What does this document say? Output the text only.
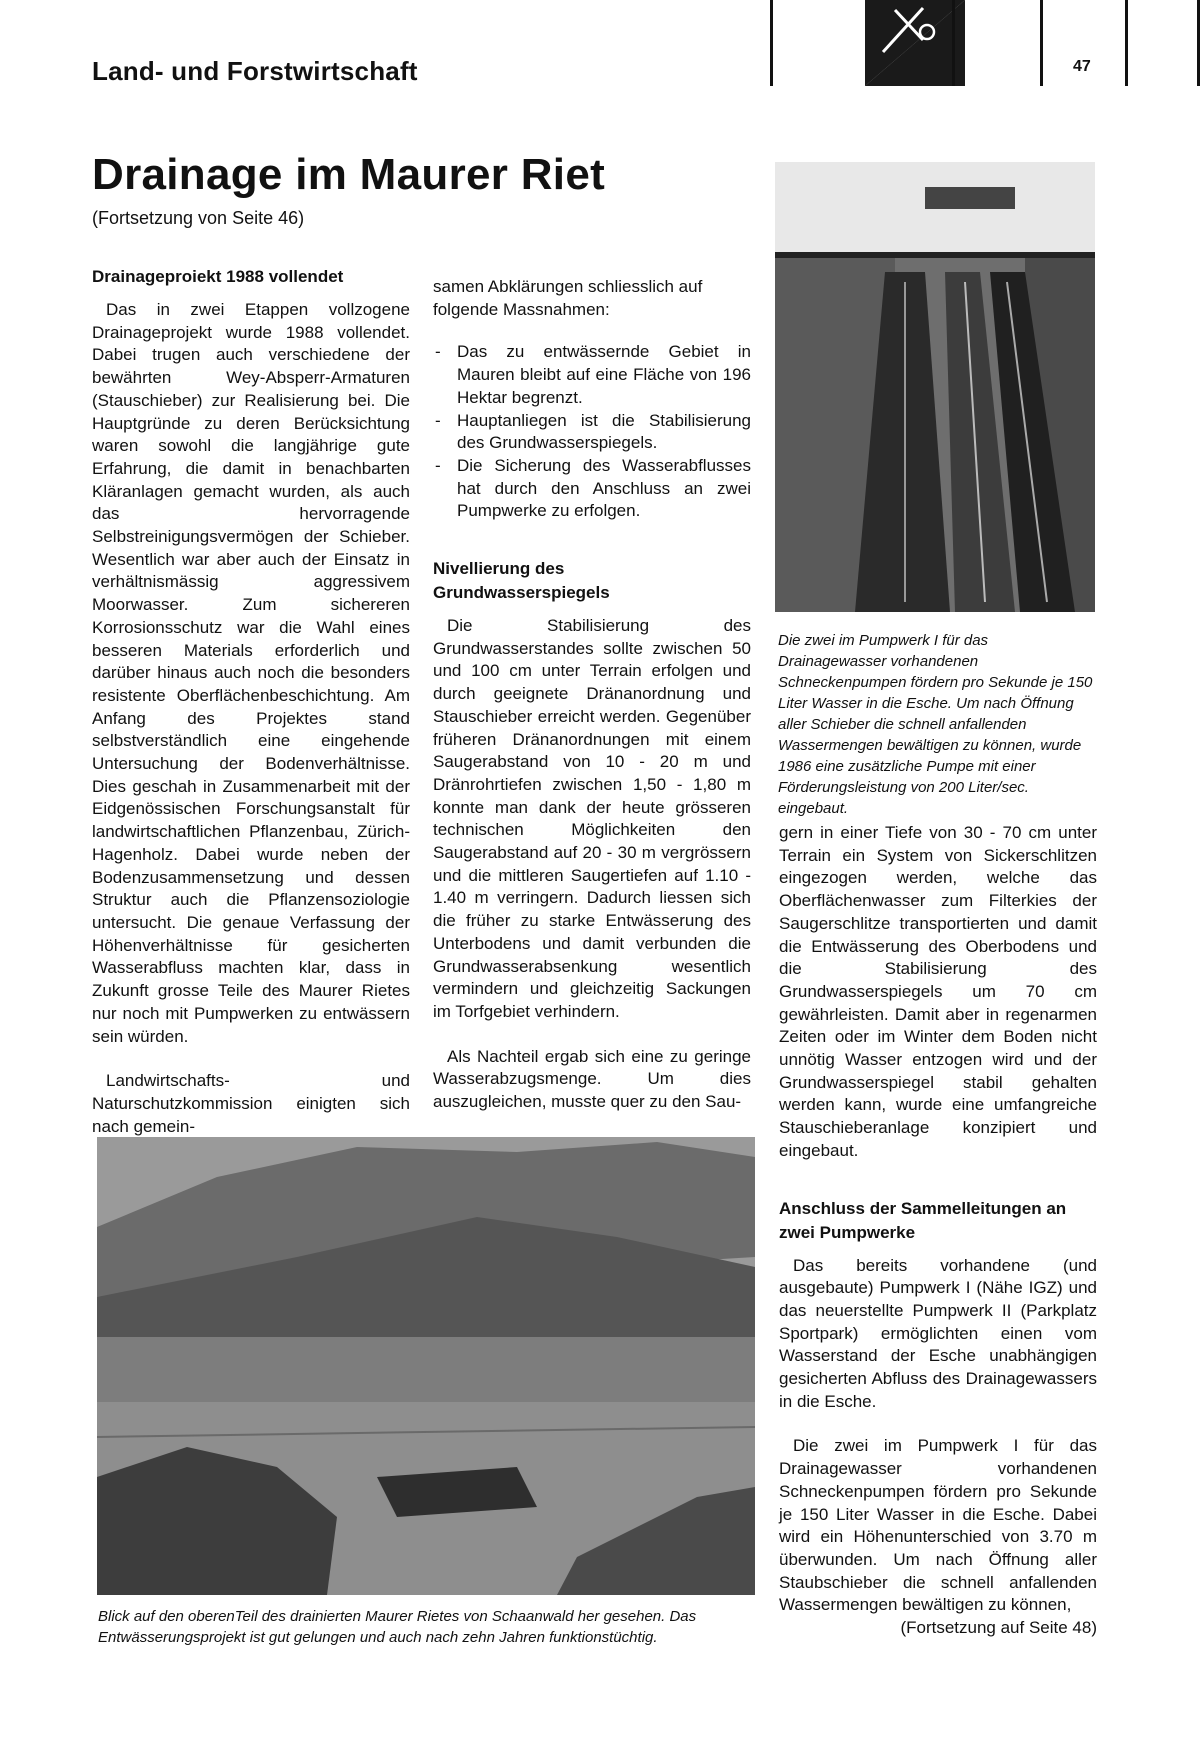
Land- und Forstwirtschaft	47
Drainage im Maurer Riet
(Fortsetzung von Seite 46)
Drainageproiekt 1988 vollendet

Das in zwei Etappen vollzogene Drainageprojekt wurde 1988 vollendet. Dabei trugen auch verschiedene der bewährten Wey-Absperr-Armaturen (Stauschieber) zur Realisierung bei. Die Hauptgründe zu deren Berücksichtung waren sowohl die langjährige gute Erfahrung, die damit in benachbarten Kläranlagen gemacht wurden, als auch das hervorragende Selbstreinigungsvermögen der Schieber. Wesentlich war aber auch der Einsatz in verhältnismässig aggressivem Moorwasser. Zum sichereren Korrosionsschutz war die Wahl eines besseren Materials erforderlich und darüber hinaus auch noch die besonders resistente Oberflächenbeschichtung. Am Anfang des Projektes stand selbstverständlich eine eingehende Untersuchung der Bodenverhältnisse. Dies geschah in Zusammenarbeit mit der Eidgenössischen Forschungsanstalt für landwirtschaftlichen Pflanzenbau, Zürich-Hagenholz. Dabei wurde neben der Bodenzusammensetzung und dessen Struktur auch die Pflanzensoziologie untersucht. Die genaue Verfassung der Höhenverhältnisse für gesicherten Wasserabfluss machten klar, dass in Zukunft grosse Teile des Maurer Rietes nur noch mit Pumpwerken zu entwässern sein würden.

Landwirtschafts- und Naturschutzkommission einigten sich nach gemein-

samen Abklärungen schliesslich auf folgende Massnahmen:

- Das zu entwässernde Gebiet in Mauren bleibt auf eine Fläche von 196 Hektar begrenzt.
- Hauptanliegen ist die Stabilisierung des Grundwasserspiegels.
- Die Sicherung des Wasserabflusses hat durch den Anschluss an zwei Pumpwerke zu erfolgen.
Nivellierung des Grundwasserspiegels

Die Stabilisierung des Grundwasserstandes sollte zwischen 50 und 100 cm unter Terrain erfolgen und durch geeignete Dränanordnung und Stauschieber erreicht werden. Gegenüber früheren Dränanordnungen mit einem Saugerabstand von 10 - 20 m und Dränrohrtiefen zwischen 1,50 - 1,80 m konnte man dank der heute grösseren technischen Möglichkeiten den Saugerabstand auf 20 - 30 m vergrössern und die mittleren Saugertiefen auf 1.10 - 1.40 m verringern. Dadurch liessen sich die früher zu starke Entwässerung des Unterbodens und damit verbunden die Grundwasserabsenkung wesentlich vermindern und gleichzeitig Sackungen im Torfgebiet verhindern.

Als Nachteil ergab sich eine zu geringe Wasserabzugsmenge. Um dies auszugleichen, musste quer zu den Sau-

Die zwei im Pumpwerk I für das Drainagewasser vorhandenen Schneckenpumpen fördern pro Sekunde je 150 Liter Wasser in die Esche. Um nach Öffnung aller Schieber die schnell anfallenden Wassermengen bewältigen zu können, wurde 1986 eine zusätzliche Pumpe mit einer Förderungsleistung von 200 Liter/sec. eingebaut.

gern in einer Tiefe von 30 - 70 cm unter Terrain ein System von Sickerschlitzen eingezogen werden, welche das Oberflächenwasser zum Filterkies der Saugerschlitze transportierten und damit die Entwässerung des Oberbodens und die Stabilisierung des Grundwasserspiegels um 70 cm gewährleisten. Damit aber in regenarmen Zeiten oder im Winter dem Boden nicht unnötig Wasser entzogen wird und der Grundwasserspiegel stabil gehalten werden kann, wurde eine umfangreiche Stauschieberanlage konzipiert und eingebaut.

Anschluss der Sammelleitungen an zwei Pumpwerke

Das bereits vorhandene (und ausgebaute) Pumpwerk I (Nähe IGZ) und das neuerstellte Pumpwerk II (Parkplatz Sportpark) ermöglichten einen vom Wasserstand der Esche unabhängigen gesicherten Abfluss des Drainagewassers in die Esche.

Die zwei im Pumpwerk I für das Drainagewasser vorhandenen Schneckenpumpen fördern pro Sekunde je 150 Liter Wasser in die Esche. Dabei wird ein Höhenunterschied von 3.70 m überwunden. Um nach Öffnung aller Staubschieber die schnell anfallenden Wassermengen bewältigen zu können,

(Fortsetzung auf Seite 48)

Blick auf den oberenTeil des drainierten Maurer Rietes von Schaanwald her gesehen. Das Entwässerungsprojekt ist gut gelungen und auch nach zehn Jahren funktionstüchtig.
